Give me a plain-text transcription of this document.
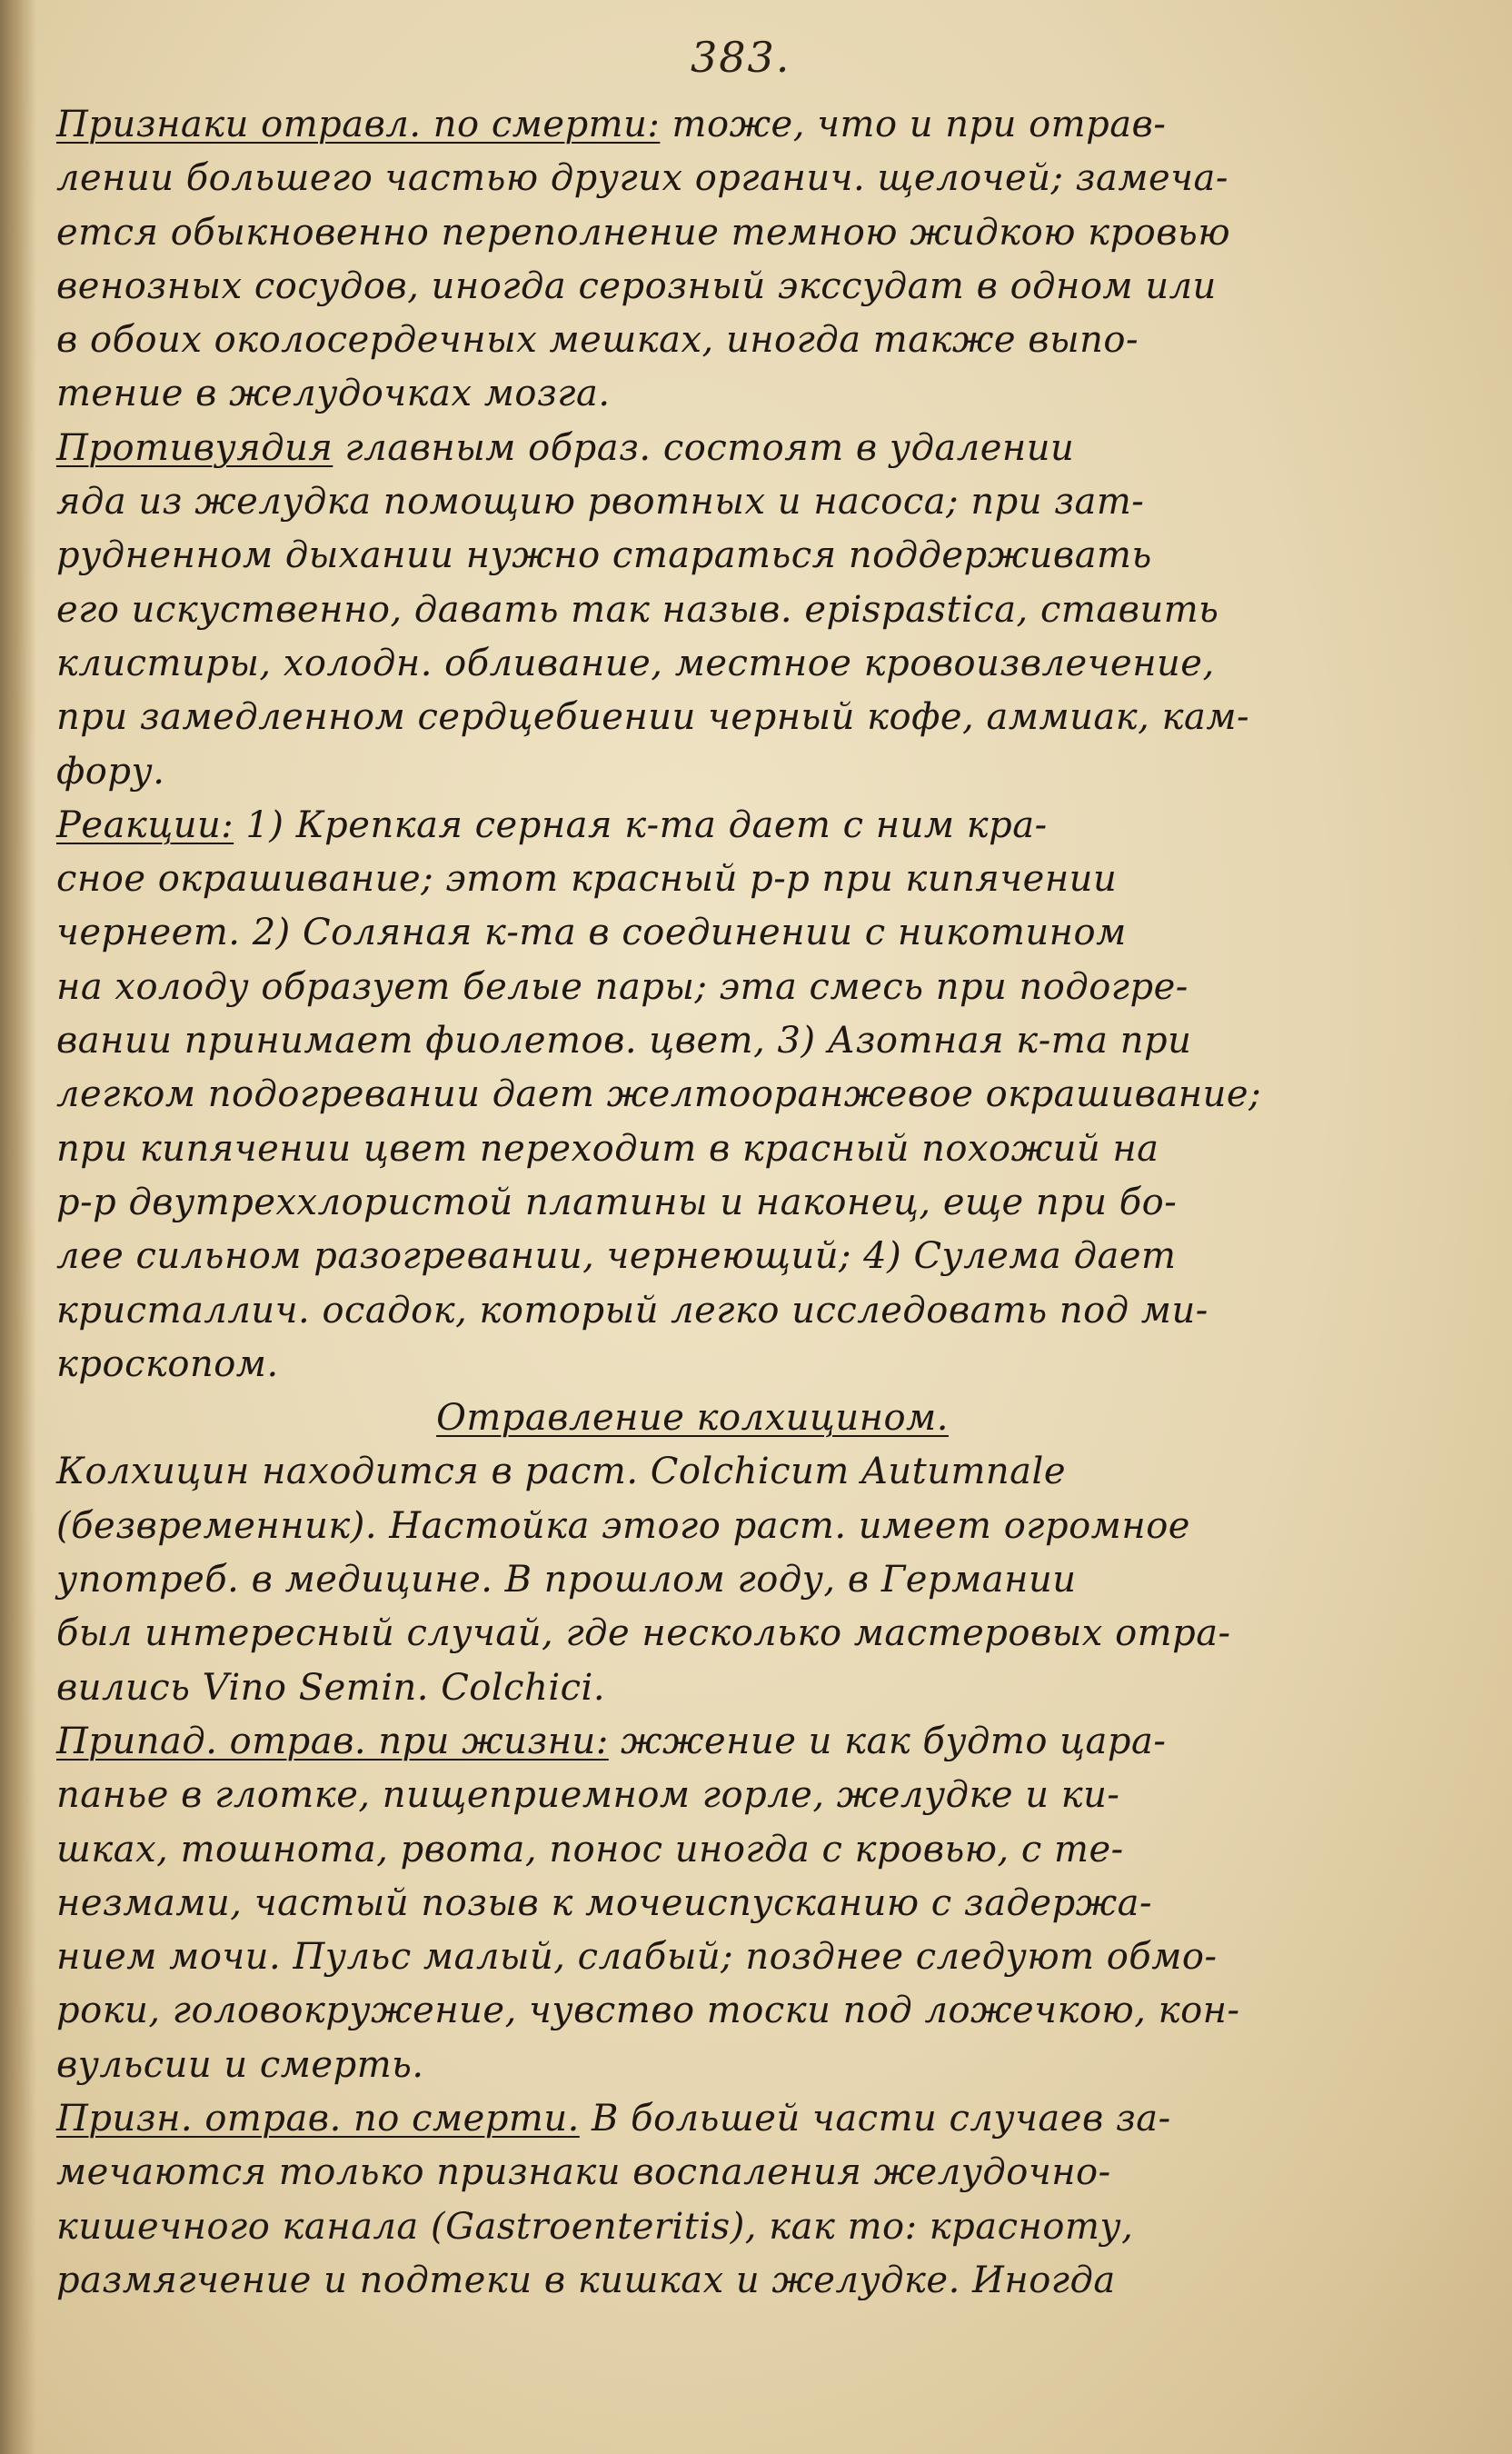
383.
Признаки отравл. по смерти: тоже, что и при отрав-
лении большего частью других органич. щелочей; замеча-
ется обыкновенно переполнение темною жидкою кровью
венозных сосудов, иногда серозный экссудат в одном или
в обоих околосердечных мешках, иногда также выпо-
тение в желудочках мозга.
Противуядия главным образ. состоят в удалении
яда из желудка помощию рвотных и насоса; при зат-
рудненном дыхании нужно стараться поддерживать
его искуственно, давать так назыв. epispastica, ставить
клистиры, холодн. обливание, местное кровоизвлечение,
при замедленном сердцебиении черный кофе, аммиак, кам-
фору.
Реакции: 1) Крепкая серная к-та дает с ним кра-
сное окрашивание; этот красный р-р при кипячении
чернеет. 2) Соляная к-та в соединении с никотином
на холоду образует белые пары; эта смесь при подогре-
вании принимает фиолетов. цвет, 3) Азотная к-та при
легком подогревании дает желтооранжевое окрашивание;
при кипячении цвет переходит в красный похожий на
р-р двутреххлористой платины и наконец, еще при бо-
лее сильном разогревании, чернеющий; 4) Сулема дает
кристаллич. осадок, который легко исследовать под ми-
кроскопом.
Отравление колхицином.
Колхицин находится в раст. Colchicum Autumnale
(безвременник). Настойка этого раст. имеет огромное
употреб. в медицине. В прошлом году, в Германии
был интересный случай, где несколько мастеровых отра-
вились Vino Semin. Colchici.
Припад. отрав. при жизни: жжение и как будто цара-
панье в глотке, пищеприемном горле, желудке и ки-
шках, тошнота, рвота, понос иногда с кровью, с те-
незмами, частый позыв к мочеиспусканию с задержа-
нием мочи. Пульс малый, слабый; позднее следуют обмо-
роки, головокружение, чувство тоски под ложечкою, кон-
вульсии и смерть.
Призн. отрав. по смерти. В большей части случаев за-
мечаются только признаки воспаления желудочно-
кишечного канала (Gastroenteritis), как то: красноту,
размягчение и подтеки в кишках и желудке. Иногда
